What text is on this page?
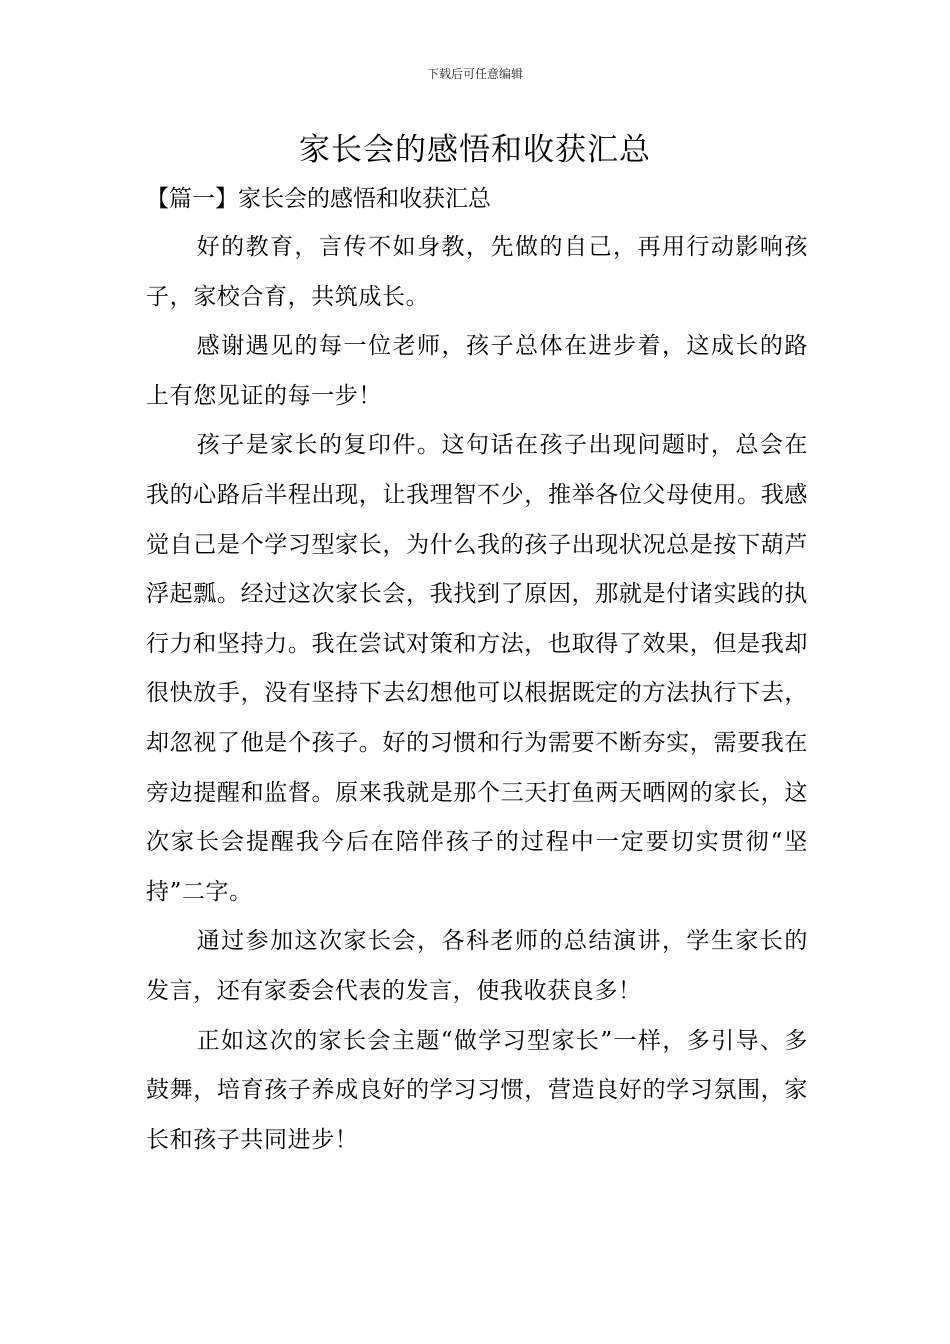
下载后可任意编辑
家长会的感悟和收获汇总
【篇一】家长会的感悟和收获汇总

好的教育，言传不如身教，先做的自己，再用行动影响孩子，家校合育，共筑成长。

感谢遇见的每一位老师，孩子总体在进步着，这成长的路上有您见证的每一步！

孩子是家长的复印件。这句话在孩子出现问题时，总会在我的心路后半程出现，让我理智不少，推举各位父母使用。我感觉自己是个学习型家长，为什么我的孩子出现状况总是按下葫芦浮起瓢。经过这次家长会，我找到了原因，那就是付诸实践的执行力和坚持力。我在尝试对策和方法，也取得了效果，但是我却很快放手，没有坚持下去幻想他可以根据既定的方法执行下去，却忽视了他是个孩子。好的习惯和行为需要不断夯实，需要我在旁边提醒和监督。原来我就是那个三天打鱼两天晒网的家长，这次家长会提醒我今后在陪伴孩子的过程中一定要切实贯彻“坚持”二字。

通过参加这次家长会，各科老师的总结演讲，学生家长的发言，还有家委会代表的发言，使我收获良多！

正如这次的家长会主题“做学习型家长”一样，多引导、多鼓舞，培育孩子养成良好的学习习惯，营造良好的学习氛围，家长和孩子共同进步！
